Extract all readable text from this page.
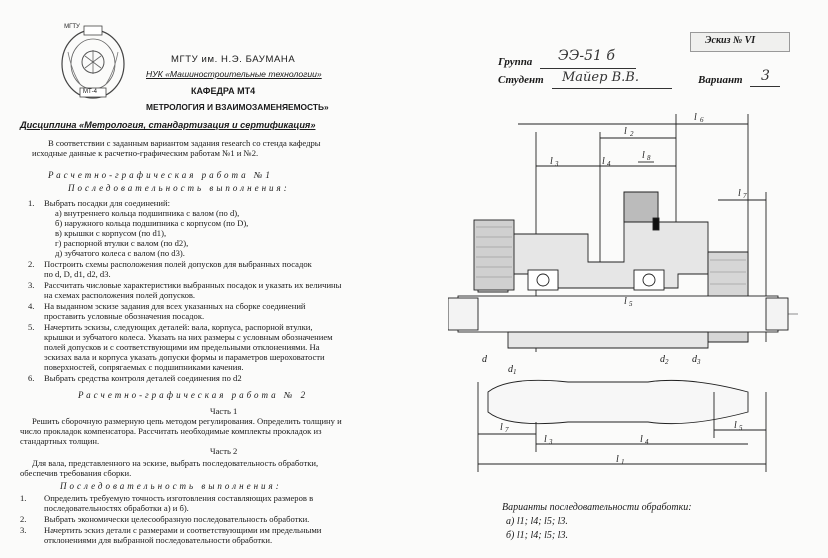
МГТУ
МТ-4
МГТУ им. Н.Э. БАУМАНА
НУК «Машиностроительные технологии»
КАФЕДРА МТ4
МЕТРОЛОГИЯ И ВЗАИМОЗАМЕНЯЕМОСТЬ»
Дисциплина «Метрология, стандартизация и сертификация»
В соответствии с заданным вариантом задания research со стенда кафедры
исходные данные к расчетно-графическим работам №1 и №2.
Расчетно-графическая работа №1
Последовательность выполнения:
1. Выбрать посадки для соединений:
а) внутреннего кольца подшипника с валом (по d),
б) наружного кольца подшипника с корпусом (по D),
в) крышки с корпусом (по d1),
г) распорной втулки с валом (по d2),
д) зубчатого колеса с валом (по d3).
2. Построить схемы расположения полей допусков для выбранных посадок
по d, D, d1, d2, d3.
3. Рассчитать числовые характеристики выбранных посадок и указать их величины
на схемах расположения полей допусков.
4. На выданном эскизе задания для всех указанных на сборке соединений
проставить условные обозначения посадок.
5. Начертить эскизы, следующих деталей: вала, корпуса, распорной втулки,
крышки и зубчатого колеса. Указать на них размеры с условным обозначением
полей допусков и с соответствующими им предельными отклонениями. На
эскизах вала и корпуса указать допуски формы и параметров шероховатости
поверхностей, сопрягаемых с подшипниками качения.
6. Выбрать средства контроля деталей соединения по d2
Расчетно-графическая работа № 2
Часть 1
Решить сборочную размерную цепь методом регулирования. Определить толщину и
число прокладок компенсатора. Рассчитать необходимые комплекты прокладок из
стандартных толщин.
Часть 2
Для вала, представленного на эскизе, выбрать последовательность обработки,
обеспечив требования сборки.
Последовательность выполнения:
1. Определить требуемую точность изготовления составляющих размеров в
последовательностях обработки а) и б).
2. Выбрать экономически целесообразную последовательность обработки.
3. Начертить эскиз детали с размерами и соответствующими им предельными
отклонениями для выбранной последовательности обработки.
Эскиз № VI
Группа ЭЭ-51 б
Студент Майер В.В.	Вариант 3
l 6
l 2
l 8
l 3	l 4
l 7
l 5
l 7
l 3	l 4
l 5
l 1
d
d 1
d 2 d 3
Варианты последовательности обработки:
а) l1; l4; l5; l3.
б) l1; l4; l5; l3.
